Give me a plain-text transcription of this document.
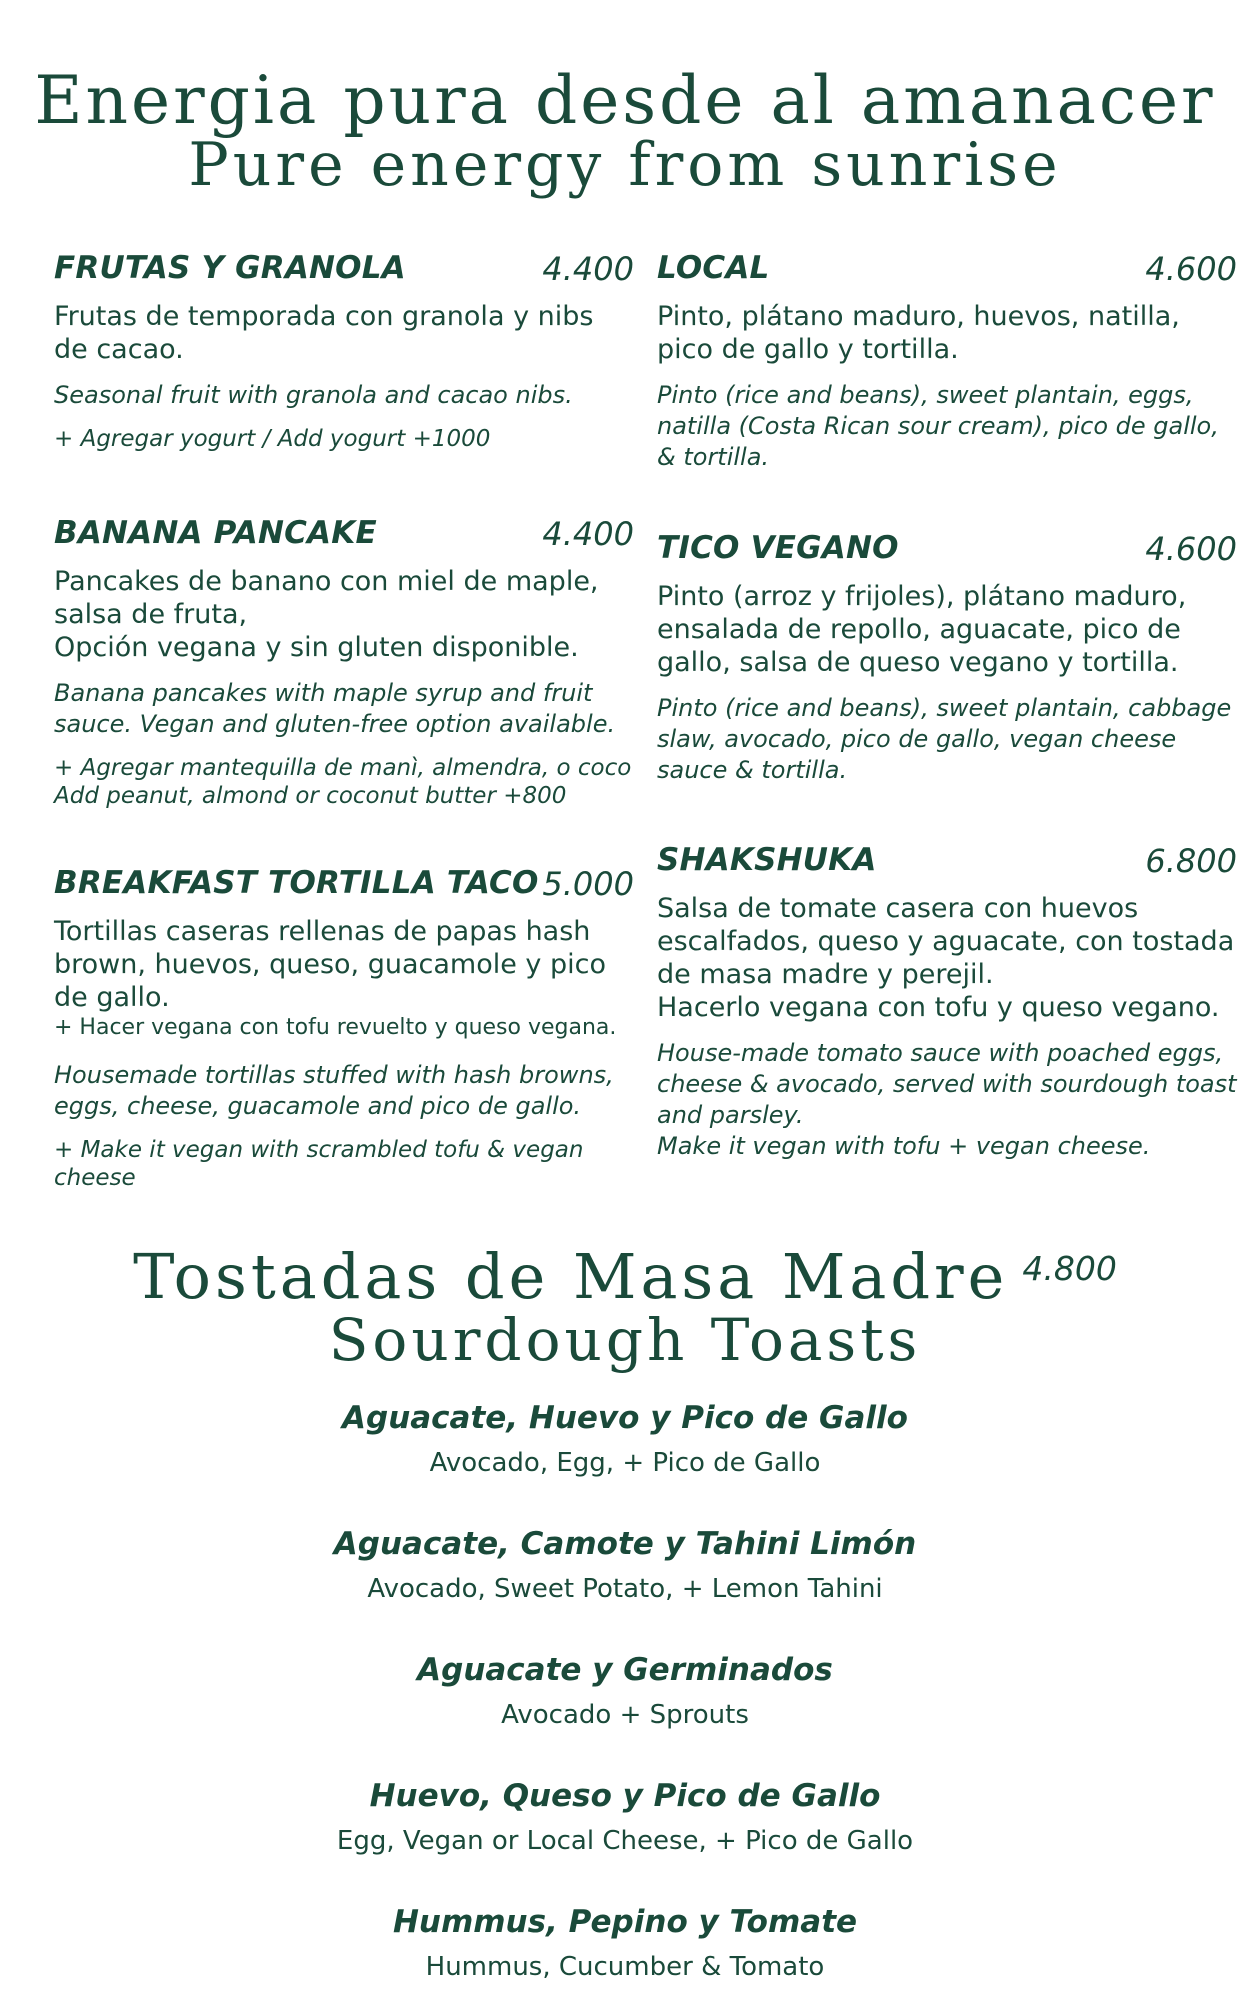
Energia pura desde al amanacer
Pure energy from sunrise
FRUTAS Y GRANOLA	4.400

Frutas de temporada con granola y nibs de cacao.

Seasonal fruit with granola and cacao nibs.

+ Agregar yogurt / Add yogurt +1000

BANANA PANCAKE	4.400

Pancakes de banano con miel de maple, salsa de fruta,

Opción vegana y sin gluten disponible.

Banana pancakes with maple syrup and fruit sauce. Vegan and gluten-free option available.

+ Agregar mantequilla de manì, almendra, o coco

Add peanut, almond or coconut butter +800

BREAKFAST TORTILLA TACO 5.000

Tortillas caseras rellenas de papas hash brown, huevos, queso, guacamole y pico de gallo.

+ Hacer vegana con tofu revuelto y queso vegana.

Housemade tortillas stuffed with hash browns, eggs, cheese, guacamole and pico de gallo.

+ Make it vegan with scrambled tofu & vegan cheese

LOCAL	4.600

Pinto, plátano maduro, huevos, natilla, pico de gallo y tortilla.

Pinto (rice and beans), sweet plantain, eggs, natilla (Costa Rican sour cream), pico de gallo, & tortilla.

TICO VEGANO	4.600

Pinto (arroz y frijoles), plátano maduro, ensalada de repollo, aguacate, pico de gallo, salsa de queso vegano y tortilla.

Pinto (rice and beans), sweet plantain, cabbage slaw, avocado, pico de gallo, vegan cheese sauce & tortilla.

SHAKSHUKA	6.800

Salsa de tomate casera con huevos escalfados, queso y aguacate, con tostada de masa madre y perejil.

Hacerlo vegana con tofu y queso vegano.

House-made tomato sauce with poached eggs, cheese & avocado, served with sourdough toast and parsley.

Make it vegan with tofu + vegan cheese.

Tostadas de Masa Madre $^{4.800}$
Sourdough Toasts

Aguacate, Huevo y Pico de Gallo

Avocado, Egg, + Pico de Gallo

Aguacate, Camote y Tahini Limón

Avocado, Sweet Potato, + Lemon Tahini

Aguacate y Germinados

Avocado + Sprouts

Huevo, Queso y Pico de Gallo

Egg, Vegan or Local Cheese, + Pico de Gallo

Hummus, Pepino y Tomate

Hummus, Cucumber & Tomato
